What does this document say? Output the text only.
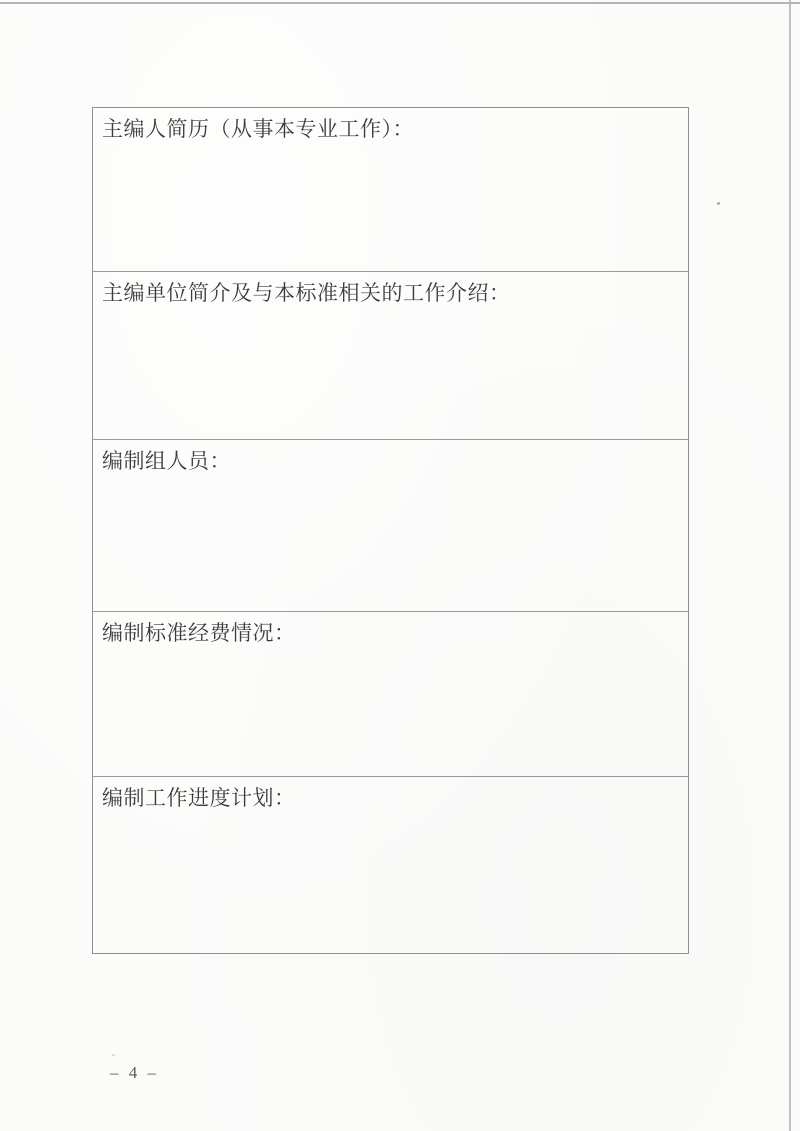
主编人简历（从事本专业工作）：
主编单位简介及与本标准相关的工作介绍：
编制组人员：
编制标准经费情况：
编制工作进度计划：
– 4 –
